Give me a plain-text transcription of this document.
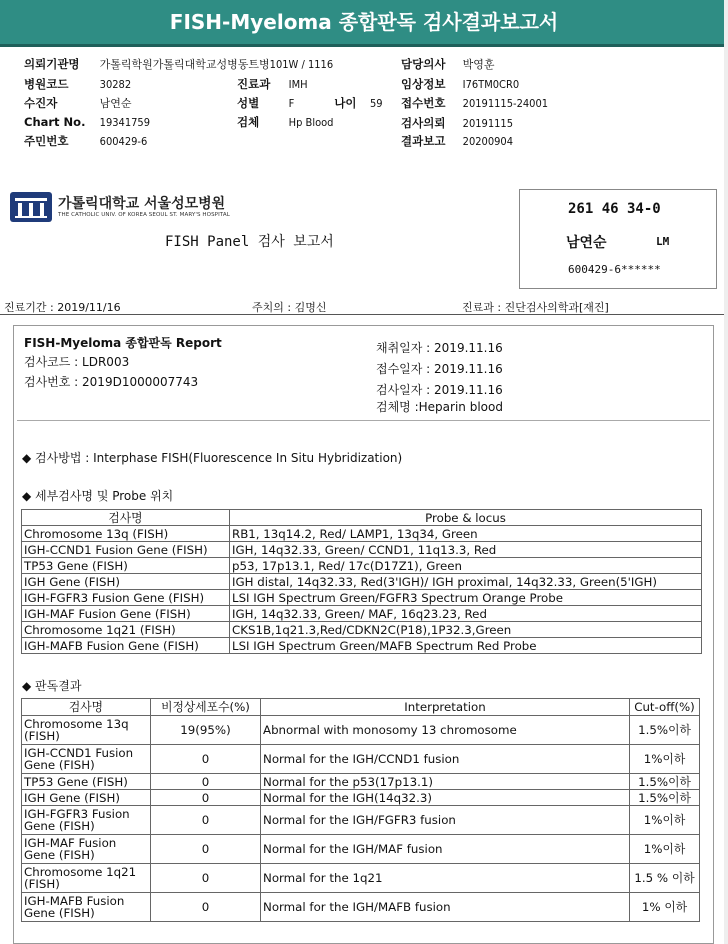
FISH-Myeloma 종합판독 검사결과보고서
의뢰기관명 가톨릭학원가톨릭대학교성병동트병101W / 1116
병원코드	30282
수진자	남연순
Chart No. 19341759
주민번호	600429-6
진료과 IMH
성별	F	나이 59
검체	Hp Blood
담당의사 박영훈
임상정보 I76TM0CR0
접수번호 20191115-24001
검사의뢰 20191115
결과보고 20200904
가톨릭대학교 서울성모병원
THE CATHOLIC UNIV. OF KOREA SEOUL ST. MARY'S HOSPITAL
FISH Panel 검사 보고서
261 46 34-0
남연순	LM
600429-6******
진료기간 : 2019/11/16	주치의 : 김명신	진료과 : 진단검사의학과[재진]
FISH-Myeloma 종합판독 Report
검사코드 : LDR003
검사번호 : 2019D1000007743
채취일자 : 2019.11.16
접수일자 : 2019.11.16
검사일자 : 2019.11.16
검체명 :Heparin blood
◆ 검사방법 : Interphase FISH(Fluorescence In Situ Hybridization)
◆ 세부검사명 및 Probe 위치
검사명	Probe & locus
Chromosome 13q (FISH)	RB1, 13q14.2, Red/ LAMP1, 13q34, Green
IGH-CCND1 Fusion Gene (FISH)	IGH, 14q32.33, Green/ CCND1, 11q13.3, Red
TP53 Gene (FISH)	p53, 17p13.1, Red/ 17c(D17Z1), Green
IGH Gene (FISH)	IGH distal, 14q32.33, Red(3'IGH)/ IGH proximal, 14q32.33, Green(5'IGH)
IGH-FGFR3 Fusion Gene (FISH)	LSI IGH Spectrum Green/FGFR3 Spectrum Orange Probe
IGH-MAF Fusion Gene (FISH)	IGH, 14q32.33, Green/ MAF, 16q23.23, Red
Chromosome 1q21 (FISH)	CKS1B,1q21.3,Red/CDKN2C(P18),1P32.3,Green
IGH-MAFB Fusion Gene (FISH)	LSI IGH Spectrum Green/MAFB Spectrum Red Probe
◆ 판독결과
검사명	비정상세포수(%)	Interpretation	Cut-off(%)
Chromosome 13q (FISH)	19(95%)	Abnormal with monosomy 13 chromosome	1.5%이하
IGH-CCND1 Fusion Gene (FISH)	0	Normal for the IGH/CCND1 fusion	1%이하
TP53 Gene (FISH)	0	Normal for the p53(17p13.1)	1.5%이하
IGH Gene (FISH)	0	Normal for the IGH(14q32.3)	1.5%이하
IGH-FGFR3 Fusion Gene (FISH)	0	Normal for the IGH/FGFR3 fusion	1%이하
IGH-MAF Fusion Gene (FISH)	0	Normal for the IGH/MAF fusion	1%이하
Chromosome 1q21 (FISH)	0	Normal for the 1q21	1.5 % 이하
IGH-MAFB Fusion Gene (FISH)	0	Normal for the IGH/MAFB fusion	1% 이하
